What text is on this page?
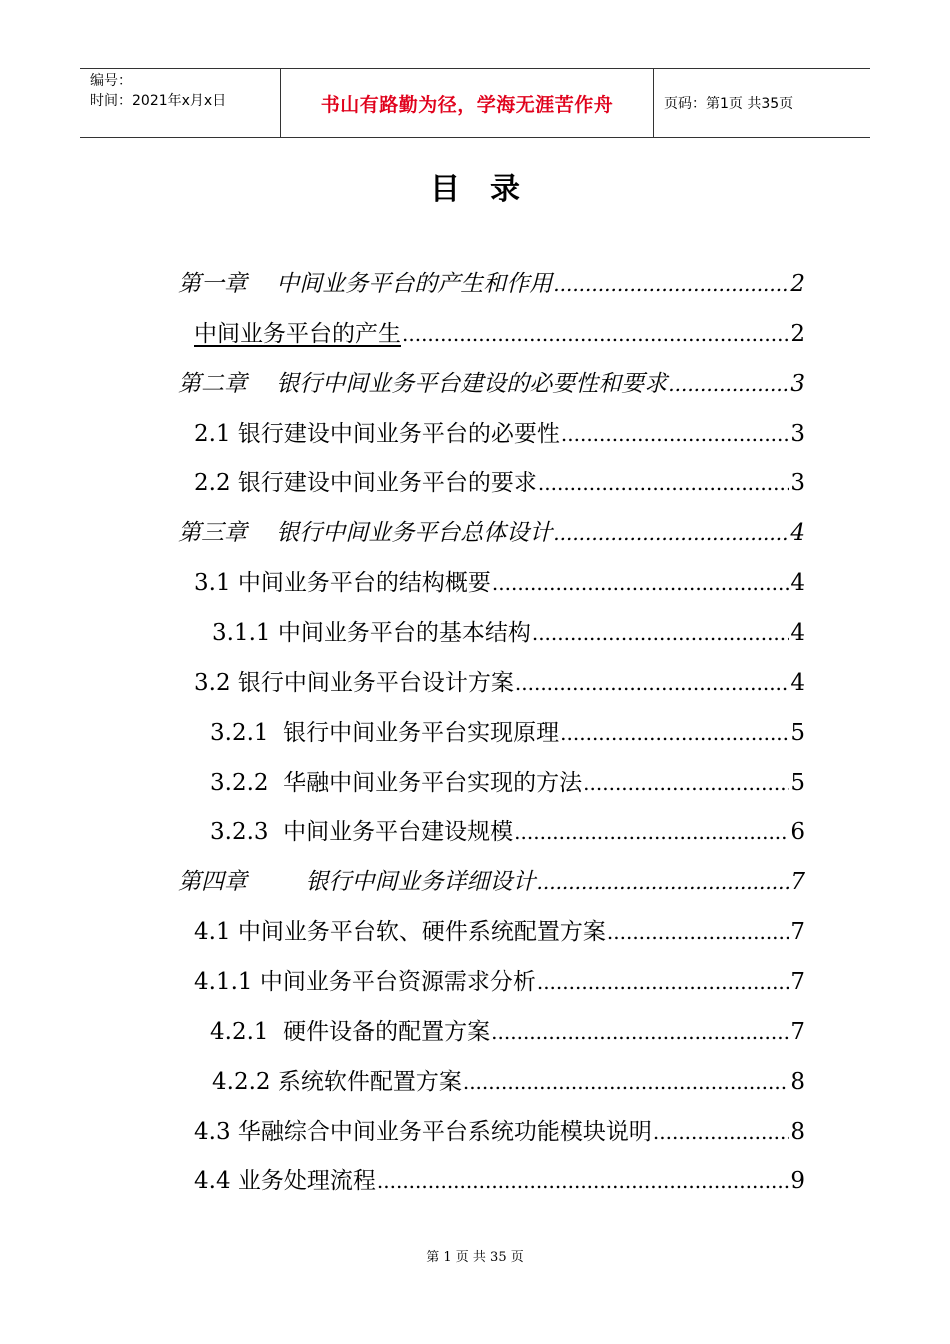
编号：
时间：2021年x月x日	书山有路勤为径，学海无涯苦作舟	页码：第1页 共35页
目 录
第一章    中间业务平台的产生和作用 .....	2
中间业务平台的产生 .....	2
第二章    银行中间业务平台建设的必要性和要求 .....	3
2.1 银行建设中间业务平台的必要性 .....	3
2.2 银行建设中间业务平台的要求 .....	3
第三章    银行中间业务平台总体设计 .....	4
3.1 中间业务平台的结构概要 .....	4
3.1.1 中间业务平台的基本结构 .....	4
3.2 银行中间业务平台设计方案 .....	4
3.2.1  银行中间业务平台实现原理 .....	5
3.2.2  华融中间业务平台实现的方法 .....	5
3.2.3  中间业务平台建设规模 .....	6
第四章        银行中间业务详细设计 .....	7
4.1 中间业务平台软、硬件系统配置方案 .....	7
4.1.1 中间业务平台资源需求分析 .....	7
4.2.1  硬件设备的配置方案 .....	7
4.2.2 系统软件配置方案 .....	8
4.3 华融综合中间业务平台系统功能模块说明 .....	8
4.4 业务处理流程 .....	9
第 1 页 共 35 页
